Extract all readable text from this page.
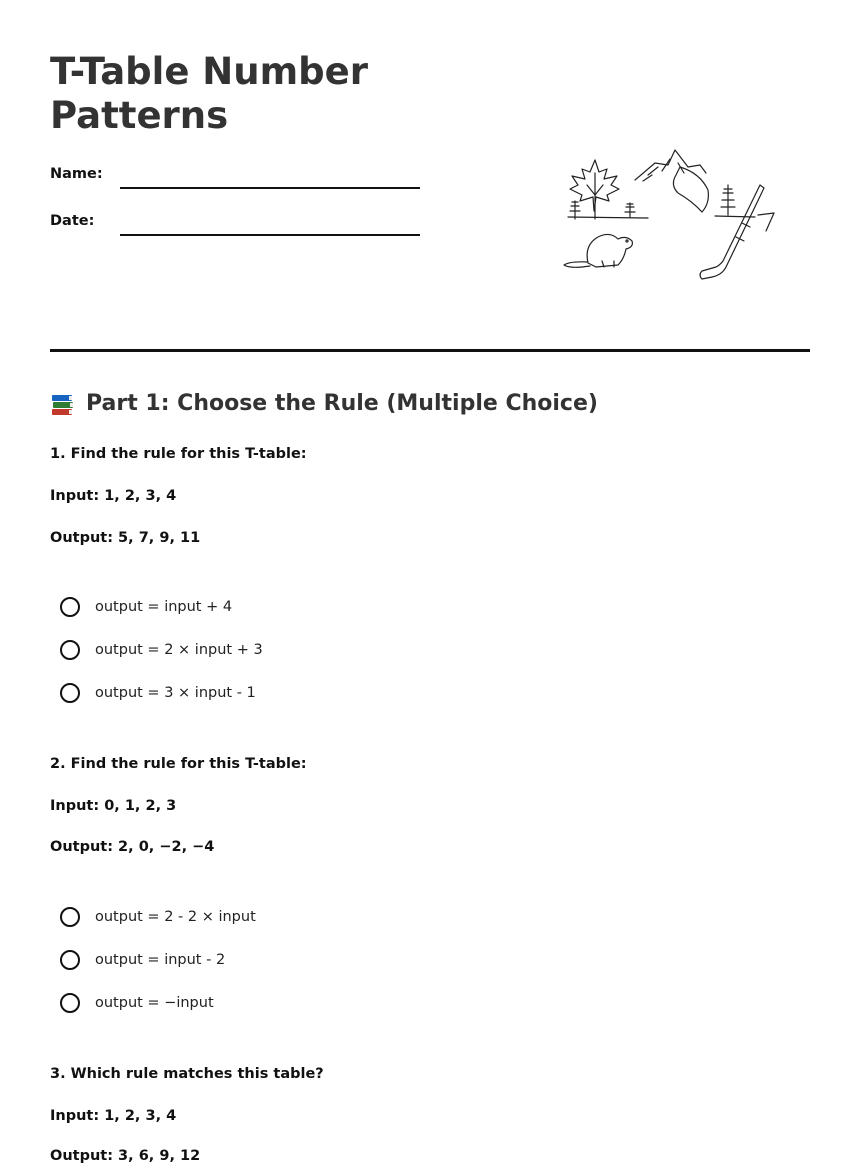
T-Table Number Patterns
Name:
Date:
Part 1: Choose the Rule (Multiple Choice)
1. Find the rule for this T-table:
Input: 1, 2, 3, 4
Output: 5, 7, 9, 11
output = input + 4
output = 2 × input + 3
output = 3 × input - 1
2. Find the rule for this T-table:
Input: 0, 1, 2, 3
Output: 2, 0, −2, −4
output = 2 - 2 × input
output = input - 2
output = −input
3. Which rule matches this table?
Input: 1, 2, 3, 4
Output: 3, 6, 9, 12
